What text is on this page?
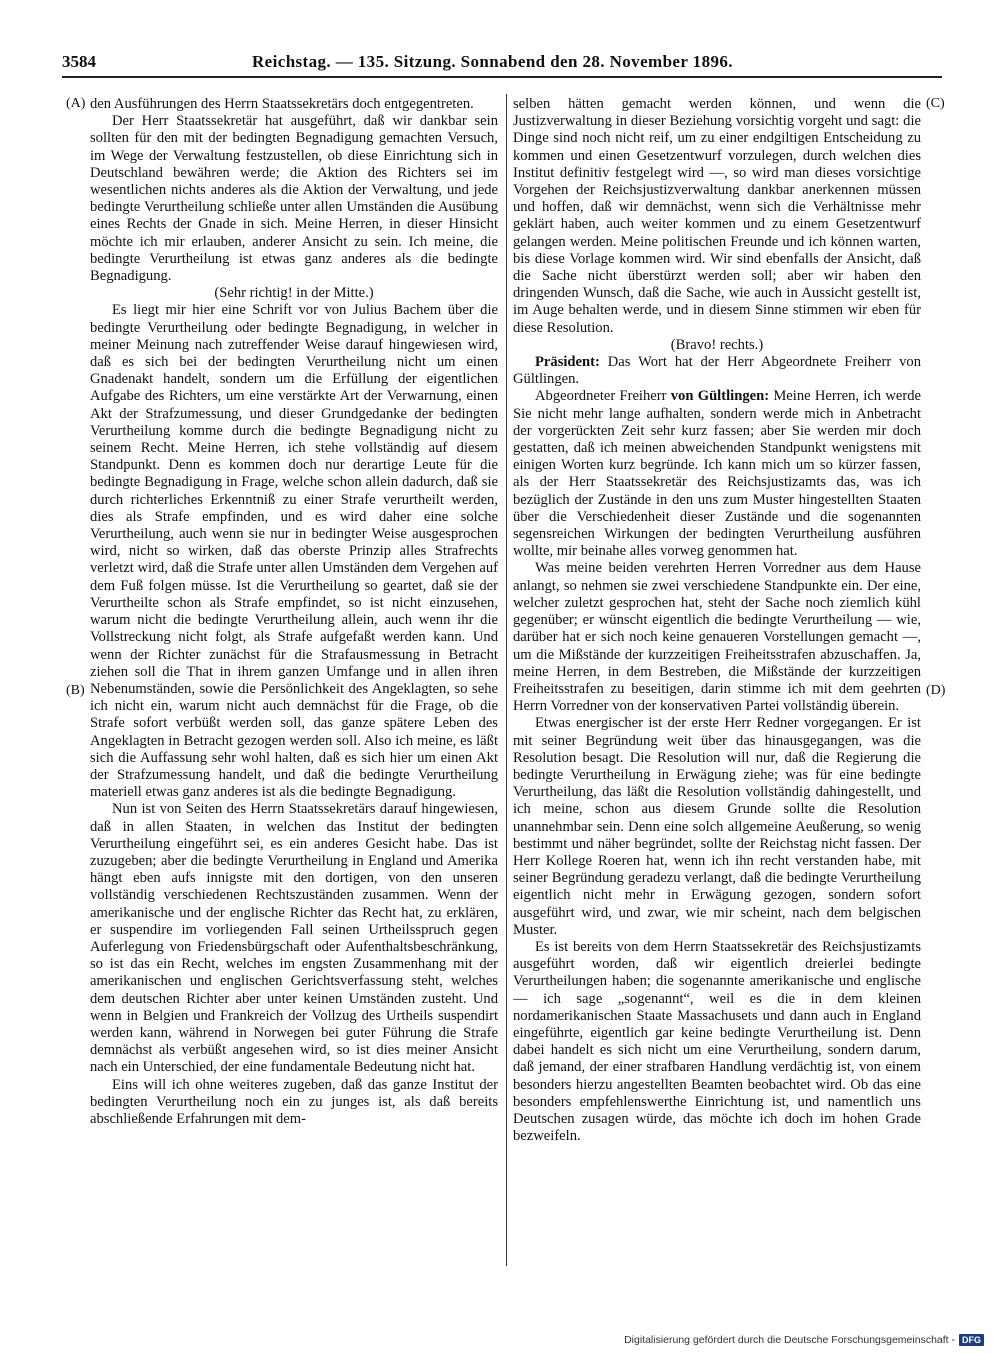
3584	Reichstag. — 135. Sitzung. Sonnabend den 28. November 1896.
(A)
(B)
(C)
(D)

den Ausführungen des Herrn Staatssekretärs doch entgegentreten.

Der Herr Staatssekretär hat ausgeführt, daß wir dankbar sein sollten für den mit der bedingten Begnadigung gemachten Versuch, im Wege der Verwaltung festzustellen, ob diese Einrichtung sich in Deutschland bewähren werde; die Aktion des Richters sei im wesentlichen nichts anderes als die Aktion der Verwaltung, und jede bedingte Verurtheilung schließe unter allen Umständen die Ausübung eines Rechts der Gnade in sich. Meine Herren, in dieser Hinsicht möchte ich mir erlauben, anderer Ansicht zu sein. Ich meine, die bedingte Verurtheilung ist etwas ganz anderes als die bedingte Begnadigung.

(Sehr richtig! in der Mitte.)

Es liegt mir hier eine Schrift vor von Julius Bachem über die bedingte Verurtheilung oder bedingte Begnadigung, in welcher in meiner Meinung nach zutreffender Weise darauf hingewiesen wird, daß es sich bei der bedingten Verurtheilung nicht um einen Gnadenakt handelt, sondern um die Erfüllung der eigentlichen Aufgabe des Richters, um eine verstärkte Art der Verwarnung, einen Akt der Strafzumessung, und dieser Grundgedanke der bedingten Verurtheilung komme durch die bedingte Begnadigung nicht zu seinem Recht. Meine Herren, ich stehe vollständig auf diesem Standpunkt. Denn es kommen doch nur derartige Leute für die bedingte Begnadigung in Frage, welche schon allein dadurch, daß sie durch richterliches Erkenntniß zu einer Strafe verurtheilt werden, dies als Strafe empfinden, und es wird daher eine solche Verurtheilung, auch wenn sie nur in bedingter Weise ausgesprochen wird, nicht so wirken, daß das oberste Prinzip alles Strafrechts verletzt wird, daß die Strafe unter allen Umständen dem Vergehen auf dem Fuß folgen müsse. Ist die Verurtheilung so geartet, daß sie der Verurtheilte schon als Strafe empfindet, so ist nicht einzusehen, warum nicht die bedingte Verurtheilung allein, auch wenn ihr die Vollstreckung nicht folgt, als Strafe aufgefaßt werden kann. Und wenn der Richter zunächst für die Strafausmessung in Betracht ziehen soll die That in ihrem ganzen Umfange und in allen ihren Nebenumständen, sowie die Persönlichkeit des Angeklagten, so sehe ich nicht ein, warum nicht auch demnächst für die Frage, ob die Strafe sofort verbüßt werden soll, das ganze spätere Leben des Angeklagten in Betracht gezogen werden soll. Also ich meine, es läßt sich die Auffassung sehr wohl halten, daß es sich hier um einen Akt der Strafzumessung handelt, und daß die bedingte Verurtheilung materiell etwas ganz anderes ist als die bedingte Begnadigung.

Nun ist von Seiten des Herrn Staatssekretärs darauf hingewiesen, daß in allen Staaten, in welchen das Institut der bedingten Verurtheilung eingeführt sei, es ein anderes Gesicht habe. Das ist zuzugeben; aber die bedingte Verurtheilung in England und Amerika hängt eben aufs innigste mit den dortigen, von den unseren vollständig verschiedenen Rechtszuständen zusammen. Wenn der amerikanische und der englische Richter das Recht hat, zu erklären, er suspendire im vorliegenden Fall seinen Urtheilsspruch gegen Auferlegung von Friedensbürgschaft oder Aufenthaltsbeschränkung, so ist das ein Recht, welches im engsten Zusammenhang mit der amerikanischen und englischen Gerichtsverfassung steht, welches dem deutschen Richter aber unter keinen Umständen zusteht. Und wenn in Belgien und Frankreich der Vollzug des Urtheils suspendirt werden kann, während in Norwegen bei guter Führung die Strafe demnächst als verbüßt angesehen wird, so ist dies meiner Ansicht nach ein Unterschied, der eine fundamentale Bedeutung nicht hat.

Eins will ich ohne weiteres zugeben, daß das ganze Institut der bedingten Verurtheilung noch ein zu junges ist, als daß bereits abschließende Erfahrungen mit dem-

selben hätten gemacht werden können, und wenn die Justizverwaltung in dieser Beziehung vorsichtig vorgeht und sagt: die Dinge sind noch nicht reif, um zu einer endgiltigen Entscheidung zu kommen und einen Gesetzentwurf vorzulegen, durch welchen dies Institut definitiv festgelegt wird —, so wird man dieses vorsichtige Vorgehen der Reichsjustizverwaltung dankbar anerkennen müssen und hoffen, daß wir demnächst, wenn sich die Verhältnisse mehr geklärt haben, auch weiter kommen und zu einem Gesetzentwurf gelangen werden. Meine politischen Freunde und ich können warten, bis diese Vorlage kommen wird. Wir sind ebenfalls der Ansicht, daß die Sache nicht überstürzt werden soll; aber wir haben den dringenden Wunsch, daß die Sache, wie auch in Aussicht gestellt ist, im Auge behalten werde, und in diesem Sinne stimmen wir eben für diese Resolution.

(Bravo! rechts.)

Präsident: Das Wort hat der Herr Abgeordnete Freiherr von Gültlingen.

Abgeordneter Freiherr von Gültlingen: Meine Herren, ich werde Sie nicht mehr lange aufhalten, sondern werde mich in Anbetracht der vorgerückten Zeit sehr kurz fassen; aber Sie werden mir doch gestatten, daß ich meinen abweichenden Standpunkt wenigstens mit einigen Worten kurz begründe. Ich kann mich um so kürzer fassen, als der Herr Staatssekretär des Reichsjustizamts das, was ich bezüglich der Zustände in den uns zum Muster hingestellten Staaten über die Verschiedenheit dieser Zustände und die sogenannten segensreichen Wirkungen der bedingten Verurtheilung ausführen wollte, mir beinahe alles vorweg genommen hat.

Was meine beiden verehrten Herren Vorredner aus dem Hause anlangt, so nehmen sie zwei verschiedene Standpunkte ein. Der eine, welcher zuletzt gesprochen hat, steht der Sache noch ziemlich kühl gegenüber; er wünscht eigentlich die bedingte Verurtheilung — wie, darüber hat er sich noch keine genaueren Vorstellungen gemacht —, um die Mißstände der kurzzeitigen Freiheitsstrafen abzuschaffen. Ja, meine Herren, in dem Bestreben, die Mißstände der kurzzeitigen Freiheitsstrafen zu beseitigen, darin stimme ich mit dem geehrten Herrn Vorredner von der konservativen Partei vollständig überein.

Etwas energischer ist der erste Herr Redner vorgegangen. Er ist mit seiner Begründung weit über das hinausgegangen, was die Resolution besagt. Die Resolution will nur, daß die Regierung die bedingte Verurtheilung in Erwägung ziehe; was für eine bedingte Verurtheilung, das läßt die Resolution vollständig dahingestellt, und ich meine, schon aus diesem Grunde sollte die Resolution unannehmbar sein. Denn eine solch allgemeine Aeußerung, so wenig bestimmt und näher begründet, sollte der Reichstag nicht fassen. Der Herr Kollege Roeren hat, wenn ich ihn recht verstanden habe, mit seiner Begründung geradezu verlangt, daß die bedingte Verurtheilung eigentlich nicht mehr in Erwägung gezogen, sondern sofort ausgeführt wird, und zwar, wie mir scheint, nach dem belgischen Muster.

Es ist bereits von dem Herrn Staatssekretär des Reichsjustizamts ausgeführt worden, daß wir eigentlich dreierlei bedingte Verurtheilungen haben; die sogenannte amerikanische und englische — ich sage „sogenannt“, weil es die in dem kleinen nordamerikanischen Staate Massachusets und dann auch in England eingeführte, eigentlich gar keine bedingte Verurtheilung ist. Denn dabei handelt es sich nicht um eine Verurtheilung, sondern darum, daß jemand, der einer strafbaren Handlung verdächtig ist, von einem besonders hierzu angestellten Beamten beobachtet wird. Ob das eine besonders empfehlenswerthe Einrichtung ist, und namentlich uns Deutschen zusagen würde, das möchte ich doch im hohen Grade bezweifeln.

Digitalisierung gefördert durch die Deutsche Forschungsgemeinschaft - DFG
